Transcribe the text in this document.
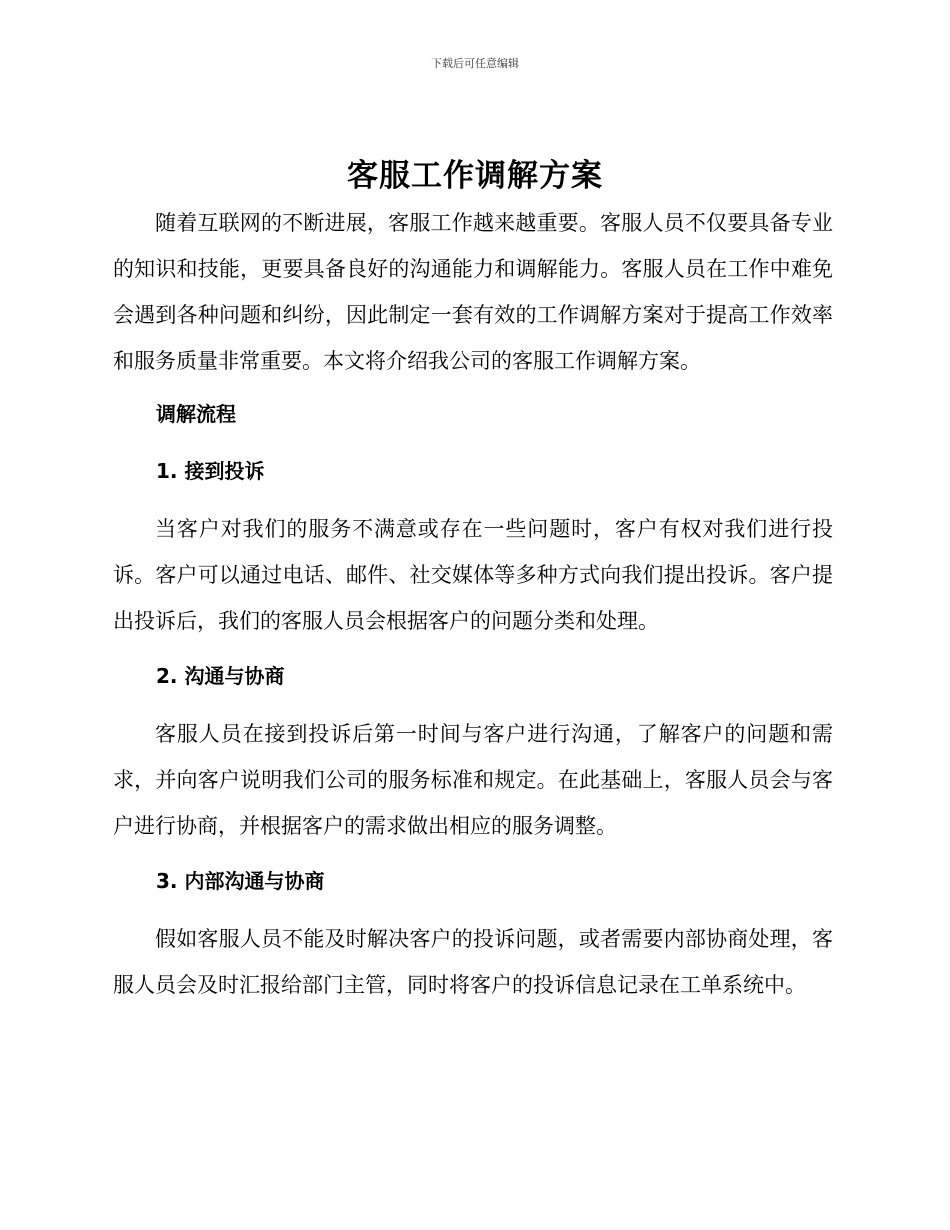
下载后可任意编辑
客服工作调解方案

随着互联网的不断进展，客服工作越来越重要。客服人员不仅要具备专业的知识和技能，更要具备良好的沟通能力和调解能力。客服人员在工作中难免会遇到各种问题和纠纷，因此制定一套有效的工作调解方案对于提高工作效率和服务质量非常重要。本文将介绍我公司的客服工作调解方案。

调解流程
1. 接到投诉

当客户对我们的服务不满意或存在一些问题时，客户有权对我们进行投诉。客户可以通过电话、邮件、社交媒体等多种方式向我们提出投诉。客户提出投诉后，我们的客服人员会根据客户的问题分类和处理。

2. 沟通与协商

客服人员在接到投诉后第一时间与客户进行沟通，了解客户的问题和需求，并向客户说明我们公司的服务标准和规定。在此基础上，客服人员会与客户进行协商，并根据客户的需求做出相应的服务调整。

3. 内部沟通与协商

假如客服人员不能及时解决客户的投诉问题，或者需要内部协商处理，客服人员会及时汇报给部门主管，同时将客户的投诉信息记录在工单系统中。
